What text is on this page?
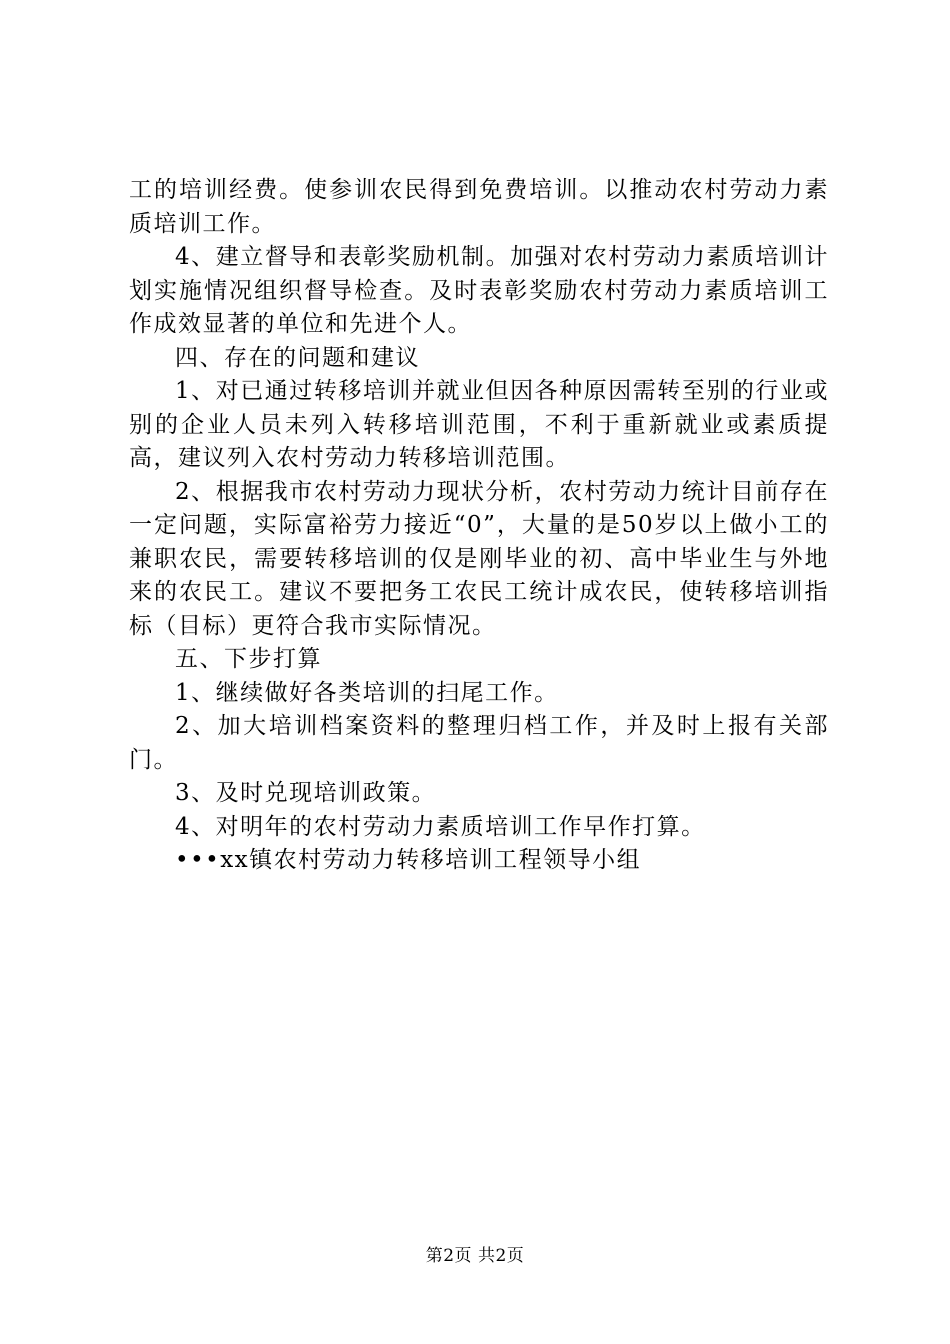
工的培训经费。使参训农民得到免费培训。以推动农村劳动力素质培训工作。

4、建立督导和表彰奖励机制。加强对农村劳动力素质培训计划实施情况组织督导检查。及时表彰奖励农村劳动力素质培训工作成效显著的单位和先进个人。

四、存在的问题和建议

1、对已通过转移培训并就业但因各种原因需转至别的行业或别的企业人员未列入转移培训范围，不利于重新就业或素质提高，建议列入农村劳动力转移培训范围。

2、根据我市农村劳动力现状分析，农村劳动力统计目前存在一定问题，实际富裕劳力接近“0”，大量的是50岁以上做小工的兼职农民，需要转移培训的仅是刚毕业的初、高中毕业生与外地来的农民工。建议不要把务工农民工统计成农民，使转移培训指标（目标）更符合我市实际情况。

五、下步打算

1、继续做好各类培训的扫尾工作。

2、加大培训档案资料的整理归档工作，并及时上报有关部门。

3、及时兑现培训政策。

4、对明年的农村劳动力素质培训工作早作打算。

•••xx镇农村劳动力转移培训工程领导小组

第2页 共2页
